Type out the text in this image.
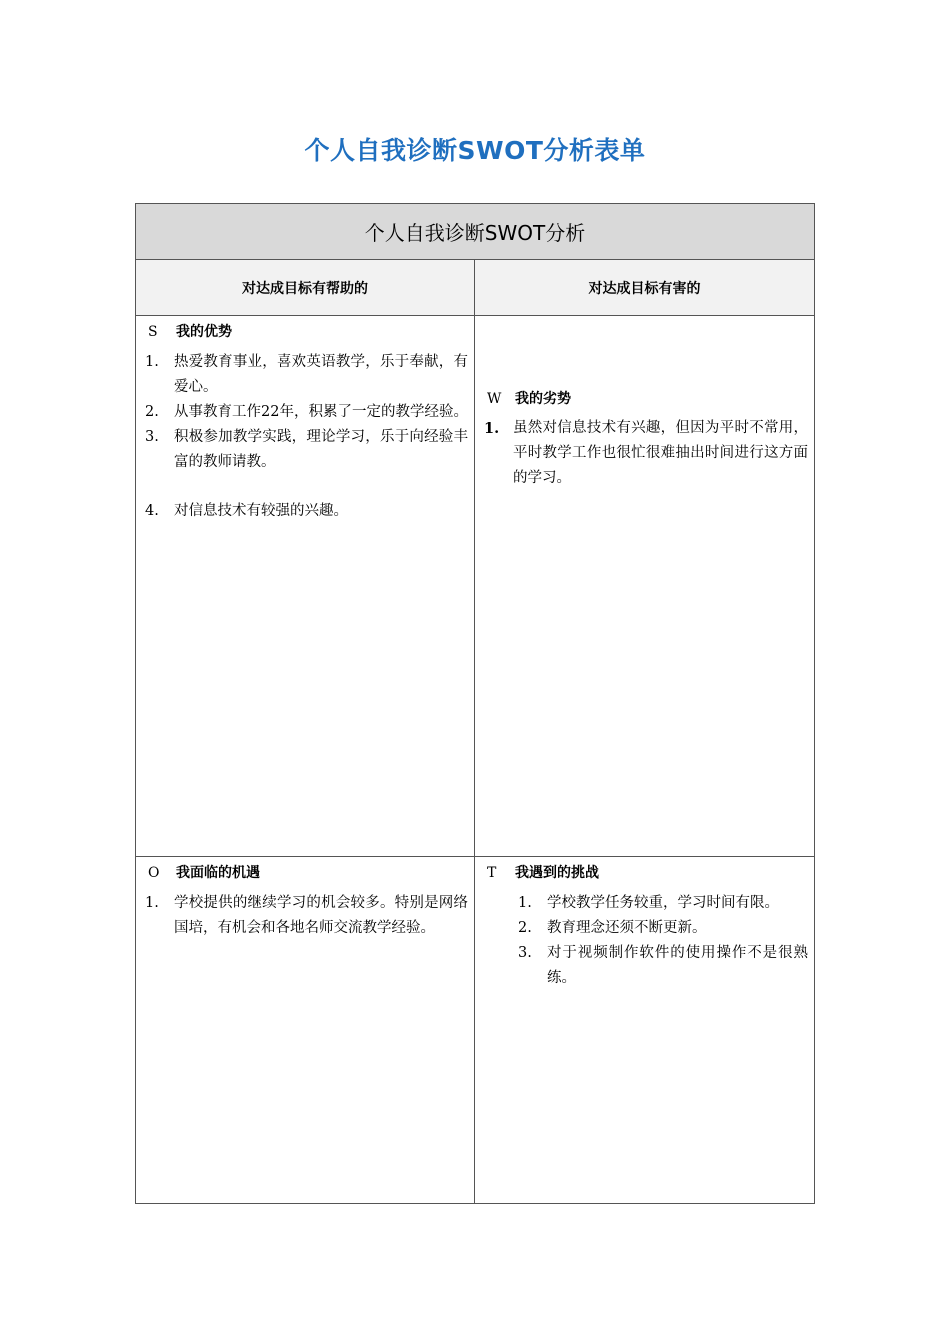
个人自我诊断SWOT分析表单
个人自我诊断SWOT分析
对达成目标有帮助的	对达成目标有害的
S 我的优势
1. 热爱教育事业，喜欢英语教学，乐于奉献，有爱心。
2. 从事教育工作22年，积累了一定的教学经验。
3. 积极参加教学实践，理论学习，乐于向经验丰富的教师请教。
4. 对信息技术有较强的兴趣。
W 我的劣势
1. 虽然对信息技术有兴趣，但因为平时不常用，平时教学工作也很忙很难抽出时间进行这方面的学习。
O 我面临的机遇
1. 学校提供的继续学习的机会较多。特别是网络国培，有机会和各地名师交流教学经验。
T 我遇到的挑战
1. 学校教学任务较重，学习时间有限。
2. 教育理念还须不断更新。
3. 对于视频制作软件的使用操作不是很熟练。
